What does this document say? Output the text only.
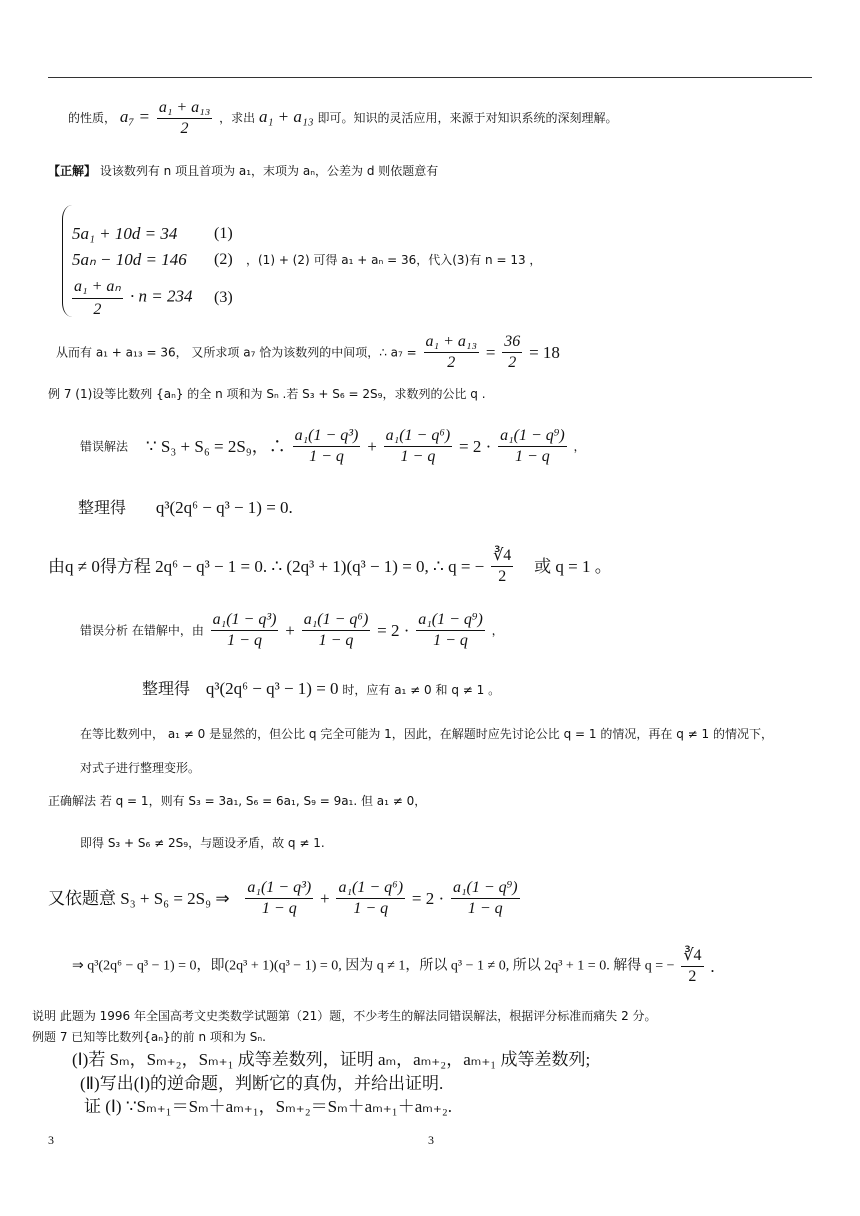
的性质， $a_7 = \frac{\text{a₁ + a₁₃}}{2}$ ，求出 a₁ + a₁₃ 即可。知识的灵活应用，来源于对知识系统的深刻理解。
【正解】 设该数列有 n 项且首项为 a₁，末项为 aₙ，公差为 d 则依题意有
5a₁ + 10d = 34 (1)
5aₙ − 10d = 146 (2)
$\frac{\text{a₁ + aₙ}}{2} \cdot n = 234$ (3)
，(1) + (2) 可得 a₁ + aₙ = 36，代入(3)有 n = 13 ，
从而有 a₁ + a₁₃ = 36， 又所求项 a₇ 恰为该数列的中间项，∴ $a_7 = \frac{\text{a₁ + a₁₃}}{2} = \frac{36}{2} = 18$
例 7 (1)设等比数列 {aₙ} 的全 n 项和为 Sₙ .若 S₃ + S₆ = 2S₉，求数列的公比 q .
错误解法 ∵ S₃ + S₆ = 2S₉，∴ $\frac{\text{a₁(1 − q³)}}{1 - q} + \frac{\text{a₁(1 − q⁶)}}{1 - q} = 2 \cdot \frac{\text{a₁(1 − q⁹)}}{1 - q}$ ，
整理得 q³(2q⁶ − q³ − 1) = 0.
由q ≠ 0得方程 2q⁶ − q³ − 1 = 0. ∴ (2q³ + 1)(q³ − 1) = 0, ∴ q = − $\frac{∛4}{2}$ 或 q = 1 。
错误分析 在错解中，由 $\frac{\text{a₁(1 − q³)}}{1 - q} + \frac{\text{a₁(1 − q⁶)}}{1 - q} = 2 \cdot \frac{\text{a₁(1 − q⁹)}}{1 - q}$ ，
整理得 q³(2q⁶ − q³ − 1) = 0 时，应有 a₁ ≠ 0 和 q ≠ 1 。
在等比数列中， a₁ ≠ 0 是显然的，但公比 q 完全可能为 1，因此，在解题时应先讨论公比 q = 1 的情况，再在 q ≠ 1 的情况下，
对式子进行整理变形。
正确解法 若 q = 1，则有 S₃ = 3a₁, S₆ = 6a₁, S₉ = 9a₁. 但 a₁ ≠ 0，
即得 S₃ + S₆ ≠ 2S₉，与题设矛盾，故 q ≠ 1.
又依题意 S₃ + S₆ = 2S₉ ⇒ $\frac{\text{a₁(1 − q³)}}{1 - q} + \frac{\text{a₁(1 − q⁶)}}{1 - q} = 2 \cdot \frac{\text{a₁(1 − q⁹)}}{1 - q}$
⇒ q³(2q⁶ − q³ − 1) = 0，即(2q³ + 1)(q³ − 1) = 0, 因为 q ≠ 1，所以 q³ − 1 ≠ 0, 所以 2q³ + 1 = 0. 解得 q = − $\frac{∛4}{2}$ .
说明 此题为 1996 年全国高考文史类数学试题第（21）题，不少考生的解法同错误解法，根据评分标准而痛失 2 分。
例题 7 已知等比数列{aₙ}的前 n 项和为 Sₙ.
(Ⅰ)若 Sₘ，Sₘ₊₂，Sₘ₊₁ 成等差数列，证明 aₘ，aₘ₊₂，aₘ₊₁ 成等差数列;
(Ⅱ)写出(Ⅰ)的逆命题，判断它的真伪，并给出证明.
证 (Ⅰ) ∵Sₘ₊₁＝Sₘ＋aₘ₊₁，Sₘ₊₂＝Sₘ＋aₘ₊₁＋aₘ₊₂.
3	3
